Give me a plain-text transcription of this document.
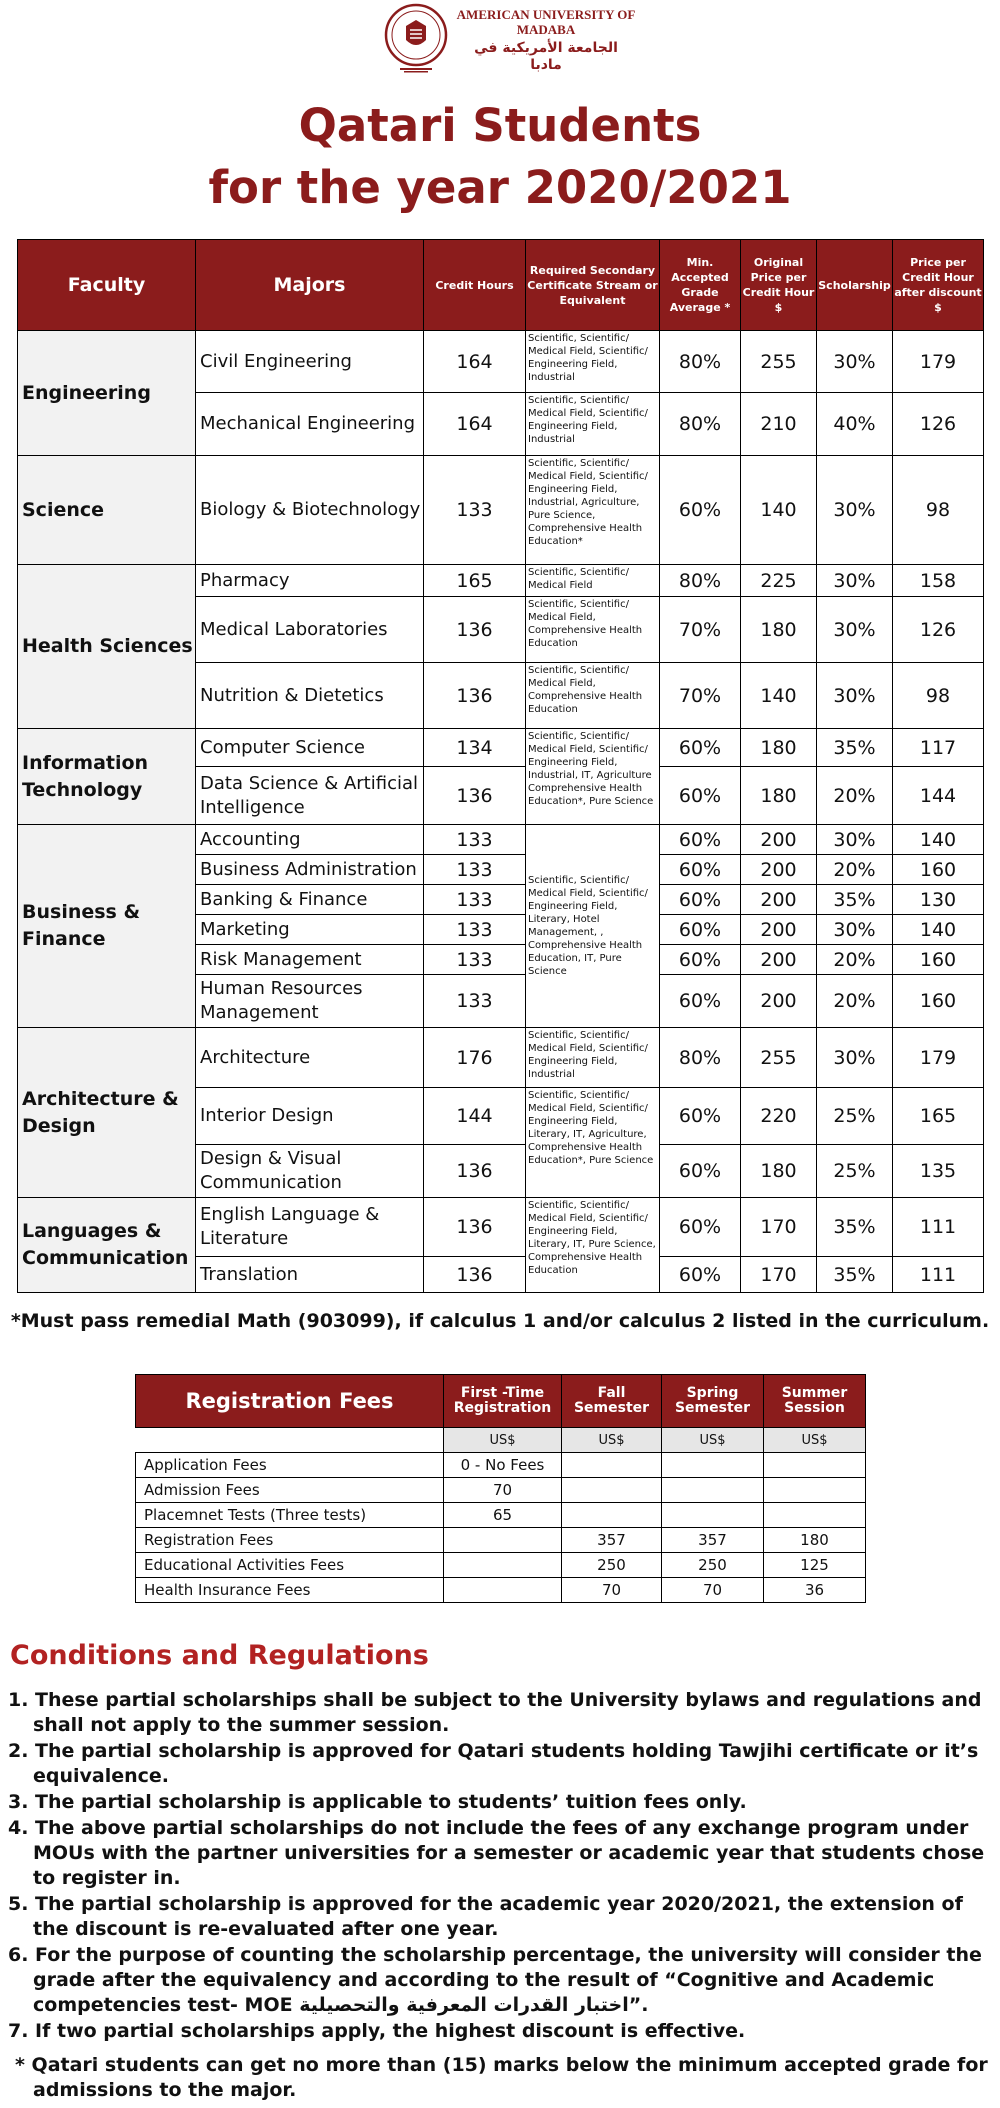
AMERICAN UNIVERSITY OF MADABA
الجامعة الأمريكية في مادبا
Qatari Students
for the year 2020/2021
Faculty	Majors	Credit Hours	Required Secondary Certificate Stream or Equivalent	Min. Accepted Grade Average *	Original Price per Credit Hour $	Scholarship	Price per Credit Hour after discount $
Engineering	Civil Engineering	164	Scientific, Scientific/ Medical Field, Scientific/ Engineering Field, Industrial	80%	255	30%	179
	Mechanical Engineering	164	Scientific, Scientific/ Medical Field, Scientific/ Engineering Field, Industrial	80%	210	40%	126
Science	Biology & Biotechnology	133	Scientific, Scientific/ Medical Field, Scientific/ Engineering Field, Industrial, Agriculture, Pure Science, Comprehensive Health Education*	60%	140	30%	98
Health Sciences	Pharmacy	165	Scientific, Scientific/ Medical Field	80%	225	30%	158
	Medical Laboratories	136	Scientific, Scientific/ Medical Field, Comprehensive Health Education	70%	180	30%	126
	Nutrition & Dietetics	136	Scientific, Scientific/ Medical Field, Comprehensive Health Education	70%	140	30%	98
Information Technology	Computer Science	134	Scientific, Scientific/ Medical Field, Scientific/ Engineering Field, Industrial, IT, Agriculture Comprehensive Health Education*, Pure Science	60%	180	35%	117
	Data Science & Artificial Intelligence	136		60%	180	20%	144
Business & Finance	Accounting	133	Scientific, Scientific/ Medical Field, Scientific/ Engineering Field, Literary, Hotel Management, , Comprehensive Health Education, IT, Pure Science	60%	200	30%	140
	Business Administration	133		60%	200	20%	160
	Banking & Finance	133		60%	200	35%	130
	Marketing	133		60%	200	30%	140
	Risk Management	133		60%	200	20%	160
	Human Resources Management	133		60%	200	20%	160
Architecture & Design	Architecture	176	Scientific, Scientific/ Medical Field, Scientific/ Engineering Field, Industrial	80%	255	30%	179
	Interior Design	144	Scientific, Scientific/ Medical Field, Scientific/ Engineering Field, Literary, IT, Agriculture, Comprehensive Health Education*, Pure Science	60%	220	25%	165
	Design & Visual Communication	136		60%	180	25%	135
Languages & Communication	English Language & Literature	136	Scientific, Scientific/ Medical Field, Scientific/ Engineering Field, Literary, IT, Pure Science, Comprehensive Health Education	60%	170	35%	111
	Translation	136		60%	170	35%	111
*Must pass remedial Math (903099), if calculus 1 and/or calculus 2 listed in the curriculum.
Registration Fees	First -Time Registration	Fall Semester	Spring Semester	Summer Session
	US$	US$	US$	US$
Application Fees	0 - No Fees			
Admission Fees	70			
Placemnet Tests (Three tests)	65			
Registration Fees		357	357	180
Educational Activities Fees		250	250	125
Health Insurance Fees		70	70	36
Conditions and Regulations
1. These partial scholarships shall be subject to the University bylaws and regulations and shall not apply to the summer session.
2. The partial scholarship is approved for Qatari students holding Tawjihi certificate or it’s equivalence.
3. The partial scholarship is applicable to students’ tuition fees only.
4. The above partial scholarships do not include the fees of any exchange program under MOUs with the partner universities for a semester or academic year that students chose to register in.
5. The partial scholarship is approved for the academic year 2020/2021, the extension of the discount is re-evaluated after one year.
6. For the purpose of counting the scholarship percentage, the university will consider the grade after the equivalency and according to the result of “Cognitive and Academic competencies test- MOE اختبار القدرات المعرفية والتحصيلية”.
7. If two partial scholarships apply, the highest discount is effective.
* Qatari students can get no more than (15) marks below the minimum accepted grade for admissions to the major.
